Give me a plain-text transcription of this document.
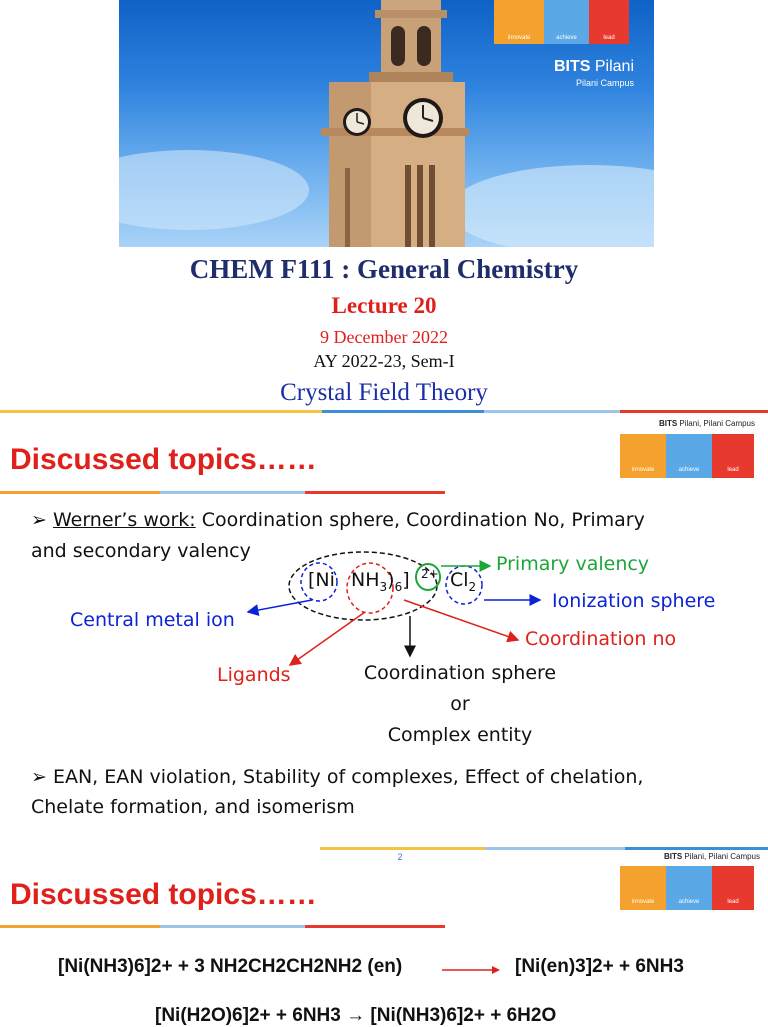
innovate	achieve	lead
BITS Pilani
Pilani Campus
CHEM F111 : General Chemistry
Lecture 20
9 December 2022
AY 2022-23, Sem-I
Crystal Field Theory
BITS Pilani, Pilani Campus
innovate	achieve	lead
Discussed topics……
➢ Werner’s work: Coordination sphere, Coordination No, Primary
and secondary valency
[Ni $NH_3)_6$] $2+ Cl_2$
Primary valency
Ionization sphere
Central metal ion
Coordination no
Ligands	Coordination sphere
or
Complex entity
➢ EAN, EAN violation, Stability of complexes, Effect of chelation,
Chelate formation, and isomerism
2	BITS Pilani, Pilani Campus
innovate	achieve	lead
Discussed topics……
[Ni(NH3)6]2+ + 3 NH2CH2CH2NH2 (en) → [Ni(en)3]2+ + 6NH3
[Ni(H2O)6]2+ + 6NH3 → [Ni(NH3)6]2+ + 6H2O
